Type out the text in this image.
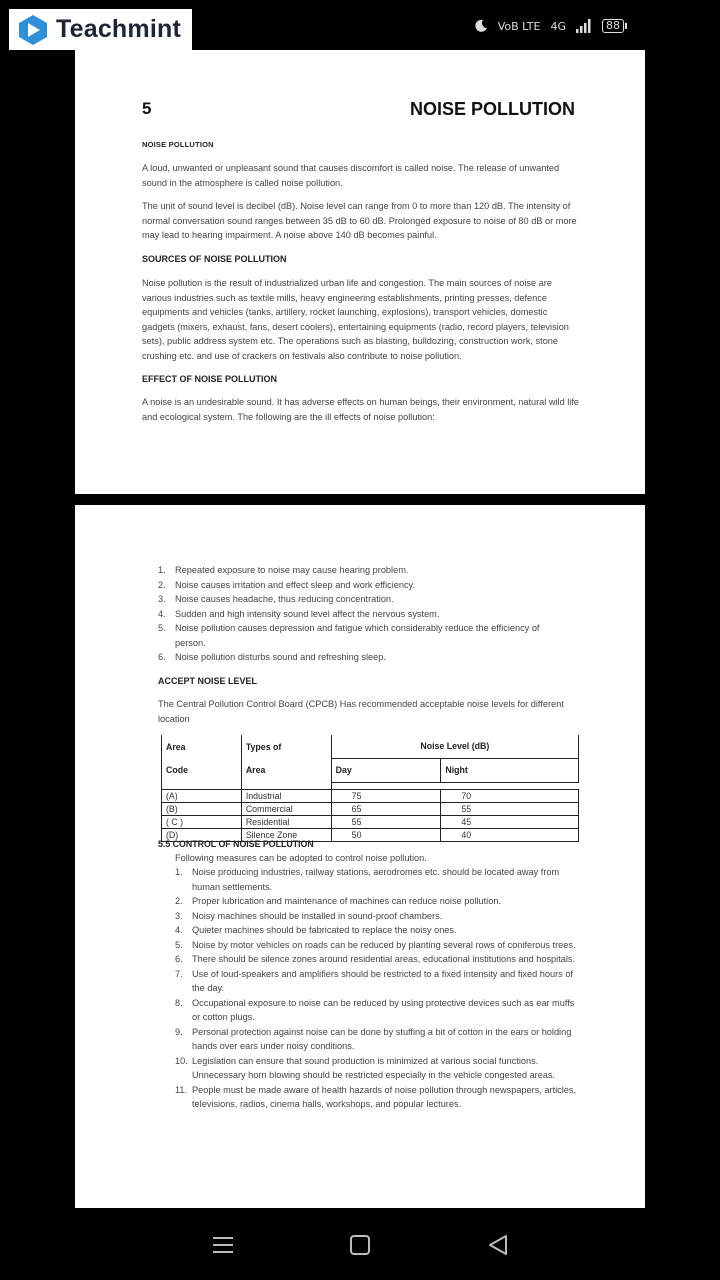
Teachmint	VoB LTE 4G	88
5	NOISE POLLUTION
NOISE POLLUTION

A loud, unwanted or unpleasant sound that causes discomfort is called noise. The release of unwanted sound in the atmosphere is called noise pollution.

The unit of sound level is decibel (dB). Noise level can range from 0 to more than 120 dB. The intensity of normal conversation sound ranges between 35 dB to 60 dB. Prolonged exposure to noise of 80 dB or more may lead to hearing impairment. A noise above 140 dB becomes painful.

SOURCES OF NOISE POLLUTION

Noise pollution is the result of industrialized urban life and congestion. The main sources of noise are various industries such as textile mills, heavy engineering establishments, printing presses, defence equipments and vehicles (tanks, artillery, rocket launching, explosions), transport vehicles, domestic gadgets (mixers, exhaust, fans, desert coolers), entertaining equipments (radio, record players, television sets), public address system etc. The operations such as blasting, bulldozing, construction work, stone crushing etc. and use of crackers on festivals also contribute to noise pollution.

EFFECT OF NOISE POLLUTION

A noise is an undesirable sound. It has adverse effects on human beings, their environment, natural wild life and ecological system. The following are the ill effects of noise pollution:

1. Repeated exposure to noise may cause hearing problem.
2. Noise causes irritation and effect sleep and work efficiency.
3. Noise causes headache, thus reducing concentration.
4. Sudden and high intensity sound level affect the nervous system.
5. Noise pollution causes depression and fatigue which considerably reduce the efficiency of person.
6. Noise pollution disturbs sound and refreshing sleep.
ACCEPT NOISE LEVEL

The Central Pollution Control Board (CPCB) Has recommended acceptable noise levels for different location

Area	Types of	Noise Level (dB)	
Code	Area	Day	Night

(A)	Industrial	75	70
(B)	Commercial	65	55
( C )	Residential	55	45
(D)	Silence Zone	50	40
5.5 CONTROL OF NOISE POLLUTION
Following measures can be adopted to control noise pollution.
1. Noise producing industries, railway stations, aerodromes etc. should be located away from human settlements.
2. Proper lubrication and maintenance of machines can reduce noise pollution.
3. Noisy machines should be installed in sound-proof chambers.
4. Quieter machines should be fabricated to replace the noisy ones.
5. Noise by motor vehicles on roads can be reduced by planting several rows of coniferous trees.
6. There should be silence zones around residential areas, educational institutions and hospitals.
7. Use of loud-speakers and amplifiers should be restricted to a fixed intensity and fixed hours of the day.
8. Occupational exposure to noise can be reduced by using protective devices such as ear muffs or cotton plugs.
9. Personal protection against noise can be done by stuffing a bit of cotton in the ears or holding hands over ears under noisy conditions.
10. Legislation can ensure that sound production is minimized at various social functions. Unnecessary horn blowing should be restricted especially in the vehicle congested areas.
11. People must be made aware of health hazards of noise pollution through newspapers, articles, televisions, radios, cinema halls, workshops, and popular lectures.
